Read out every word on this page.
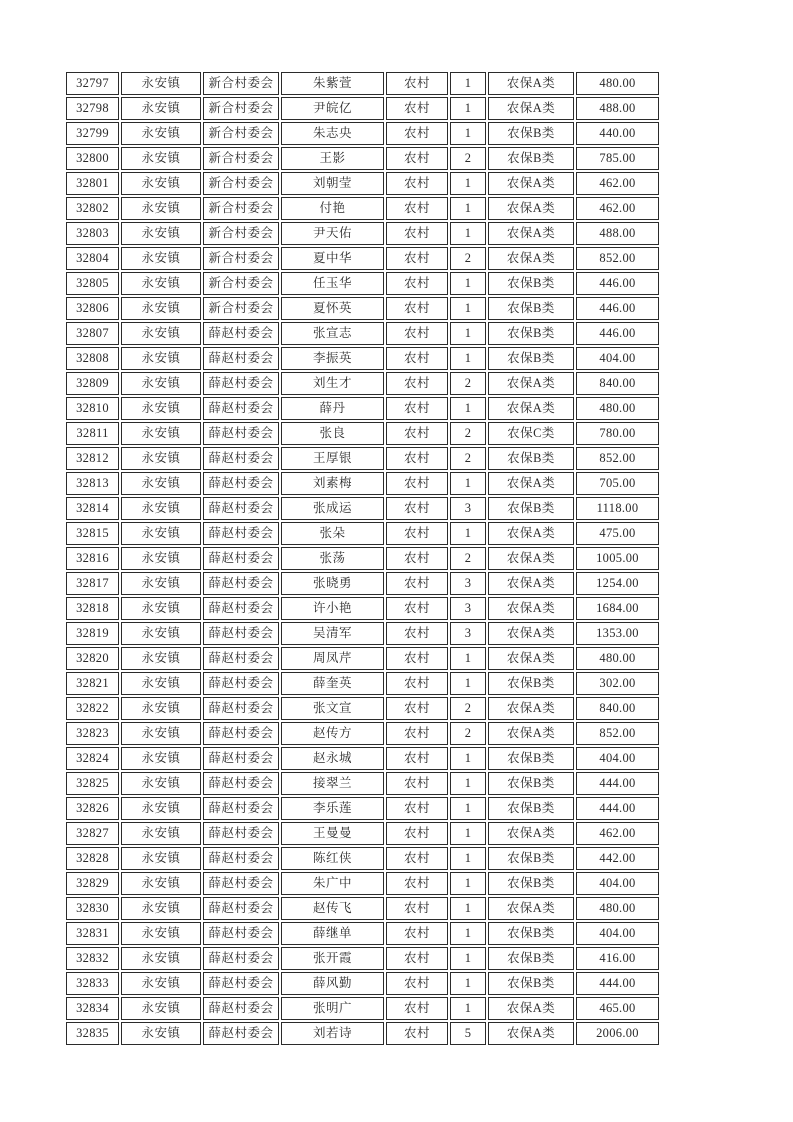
32797	永安镇	新合村委会	朱紫萱	农村	1	农保A类	480.00
32798	永安镇	新合村委会	尹皖亿	农村	1	农保A类	488.00
32799	永安镇	新合村委会	朱志央	农村	1	农保B类	440.00
32800	永安镇	新合村委会	王影	农村	2	农保B类	785.00
32801	永安镇	新合村委会	刘朝莹	农村	1	农保A类	462.00
32802	永安镇	新合村委会	付艳	农村	1	农保A类	462.00
32803	永安镇	新合村委会	尹天佑	农村	1	农保A类	488.00
32804	永安镇	新合村委会	夏中华	农村	2	农保A类	852.00
32805	永安镇	新合村委会	任玉华	农村	1	农保B类	446.00
32806	永安镇	新合村委会	夏怀英	农村	1	农保B类	446.00
32807	永安镇	薛赵村委会	张宣志	农村	1	农保B类	446.00
32808	永安镇	薛赵村委会	李振英	农村	1	农保B类	404.00
32809	永安镇	薛赵村委会	刘生才	农村	2	农保A类	840.00
32810	永安镇	薛赵村委会	薛丹	农村	1	农保A类	480.00
32811	永安镇	薛赵村委会	张良	农村	2	农保C类	780.00
32812	永安镇	薛赵村委会	王厚银	农村	2	农保B类	852.00
32813	永安镇	薛赵村委会	刘素梅	农村	1	农保A类	705.00
32814	永安镇	薛赵村委会	张成运	农村	3	农保B类	1118.00
32815	永安镇	薛赵村委会	张朵	农村	1	农保A类	475.00
32816	永安镇	薛赵村委会	张荡	农村	2	农保A类	1005.00
32817	永安镇	薛赵村委会	张晓勇	农村	3	农保A类	1254.00
32818	永安镇	薛赵村委会	许小艳	农村	3	农保A类	1684.00
32819	永安镇	薛赵村委会	吴清军	农村	3	农保A类	1353.00
32820	永安镇	薛赵村委会	周凤芹	农村	1	农保A类	480.00
32821	永安镇	薛赵村委会	薛奎英	农村	1	农保B类	302.00
32822	永安镇	薛赵村委会	张文宣	农村	2	农保A类	840.00
32823	永安镇	薛赵村委会	赵传方	农村	2	农保A类	852.00
32824	永安镇	薛赵村委会	赵永城	农村	1	农保B类	404.00
32825	永安镇	薛赵村委会	接翠兰	农村	1	农保B类	444.00
32826	永安镇	薛赵村委会	李乐莲	农村	1	农保B类	444.00
32827	永安镇	薛赵村委会	王曼曼	农村	1	农保A类	462.00
32828	永安镇	薛赵村委会	陈红侠	农村	1	农保B类	442.00
32829	永安镇	薛赵村委会	朱广中	农村	1	农保B类	404.00
32830	永安镇	薛赵村委会	赵传飞	农村	1	农保A类	480.00
32831	永安镇	薛赵村委会	薛继单	农村	1	农保B类	404.00
32832	永安镇	薛赵村委会	张开霞	农村	1	农保B类	416.00
32833	永安镇	薛赵村委会	薛风勤	农村	1	农保B类	444.00
32834	永安镇	薛赵村委会	张明广	农村	1	农保A类	465.00
32835	永安镇	薛赵村委会	刘若诗	农村	5	农保A类	2006.00
